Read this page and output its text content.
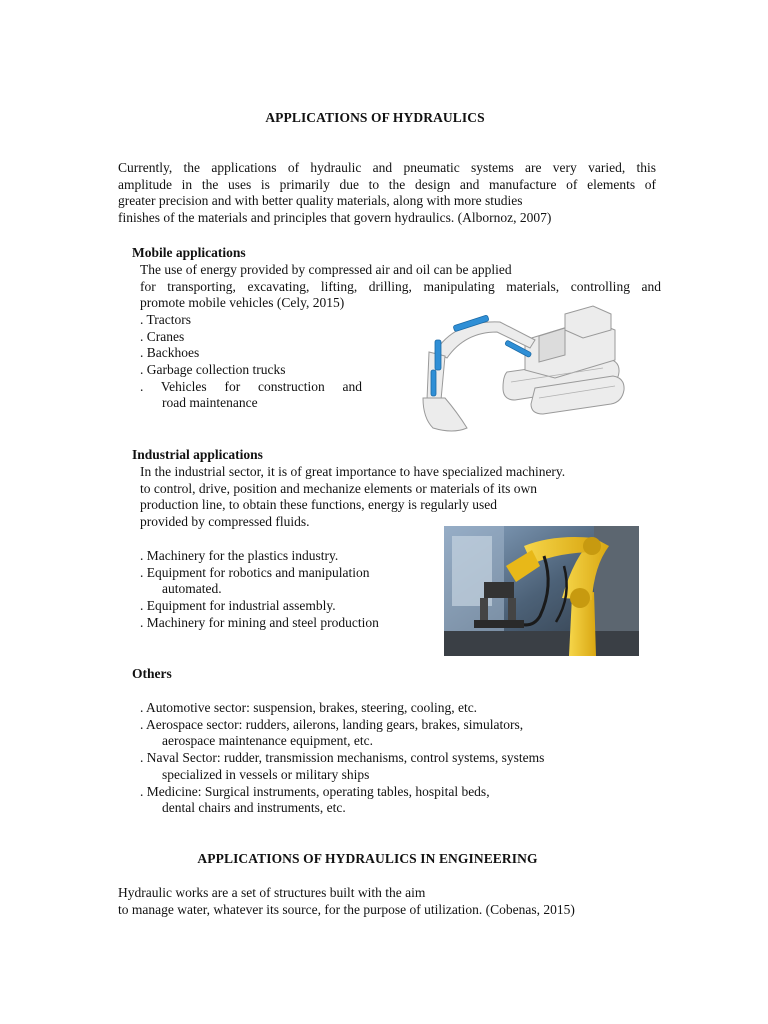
APPLICATIONS OF HYDRAULICS
Currently, the applications of hydraulic and pneumatic systems are very varied, this
amplitude in the uses is primarily due to the design and manufacture of elements of
greater precision and with better quality materials, along with more studies
finishes of the materials and principles that govern hydraulics. (Albornoz, 2007)
Mobile applications
The use of energy provided by compressed air and oil can be applied
for transporting, excavating, lifting, drilling, manipulating materials, controlling and
promote mobile vehicles (Cely, 2015)
. Tractors
. Cranes
. Backhoes
. Garbage collection trucks
. Vehicles for construction and
road maintenance
Industrial applications
In the industrial sector, it is of great importance to have specialized machinery.
to control, drive, position and mechanize elements or materials of its own
production line, to obtain these functions, energy is regularly used
provided by compressed fluids.
. Machinery for the plastics industry.
. Equipment for robotics and manipulation
automated.
. Equipment for industrial assembly.
. Machinery for mining and steel production
Others
. Automotive sector: suspension, brakes, steering, cooling, etc.
. Aerospace sector: rudders, ailerons, landing gears, brakes, simulators,
aerospace maintenance equipment, etc.
. Naval Sector: rudder, transmission mechanisms, control systems, systems
specialized in vessels or military ships
. Medicine: Surgical instruments, operating tables, hospital beds,
dental chairs and instruments, etc.
APPLICATIONS OF HYDRAULICS IN ENGINEERING
Hydraulic works are a set of structures built with the aim
to manage water, whatever its source, for the purpose of utilization. (Cobenas, 2015)
